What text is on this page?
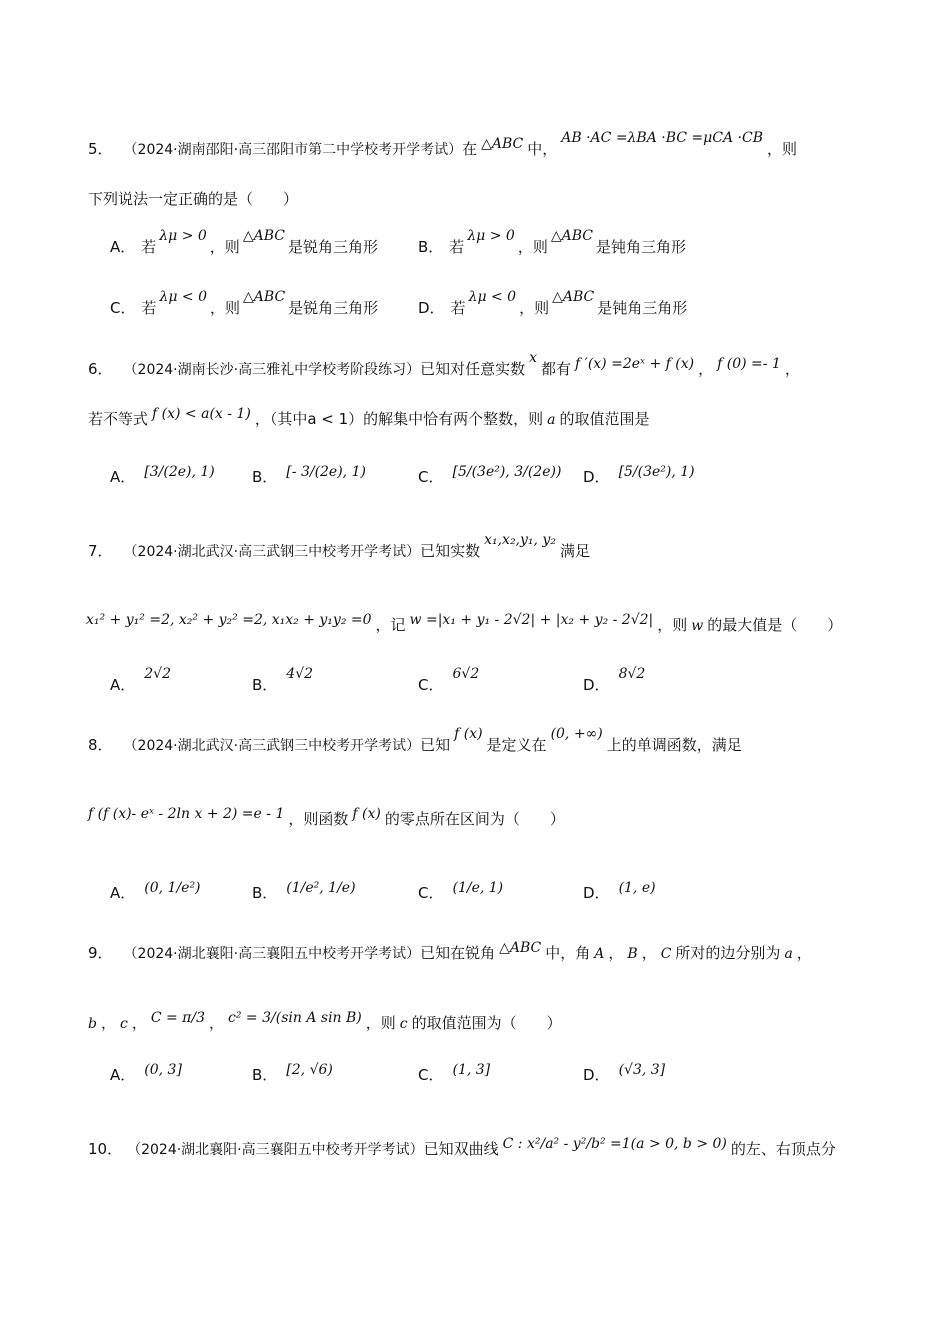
5． （2024·湖南邵阳·高三邵阳市第二中学校考开学考试）在 △ABC 中，AB ·AC =λBA ·BC =μCA ·CB，则
下列说法一定正确的是（　　）
A． 若λμ > 0，则△ABC是锐角三角形	B． 若λμ > 0，则△ABC是钝角三角形
C． 若λμ < 0，则△ABC是锐角三角形	D． 若λμ < 0，则△ABC是钝角三角形
6． （2024·湖南长沙·高三雅礼中学校考阶段练习）已知对任意实数x都有 f ′(x) =2eˣ + f (x) ， f (0) =- 1 ，
若不等式 f (x) < a(x - 1) ，（其中a < 1）的解集中恰有两个整数，则 a 的取值范围是
A． [3/(2e), 1) B． [- 3/(2e), 1)	C． [5/(3e²), 3/(2e)) D． [5/(3e²), 1)
7． （2024·湖北武汉·高三武钢三中校考开学考试）已知实数x₁,x₂,y₁, y₂满足
x₁² + y₁² =2, x₂² + y₂² =2, x₁x₂ + y₁y₂ =0 ，记 w =|x₁ + y₁ - 2√2| + |x₂ + y₂ - 2√2| ，则 w 的最大值是（　　）
A．2√2
B．4√2
C．6√2
D．8√2
8． （2024·湖北武汉·高三武钢三中校考开学考试）已知f (x)是定义在(0, +∞)上的单调函数，满足
f (f (x)- eˣ - 2ln x + 2) =e - 1 ，则函数 f (x) 的零点所在区间为（　　）
A． (0, 1/e²)	B． (1/e², 1/e)	C． (1/e, 1)	D． (1, e)
9． （2024·湖北襄阳·高三襄阳五中校考开学考试）已知在锐角 △ABC 中，角 A ， B ， C 所对的边分别为 a ，
b ， c ， C = π/3 ， c² = 3/(sin A sin B) ，则 c 的取值范围为（　　）
A． (0, 3]	B． [2, √6)	C． (1, 3]	D． (√3, 3]
10． （2024·湖北襄阳·高三襄阳五中校考开学考试）已知双曲线 C : x²/a² - y²/b² =1(a > 0, b > 0) 的左、右顶点分
